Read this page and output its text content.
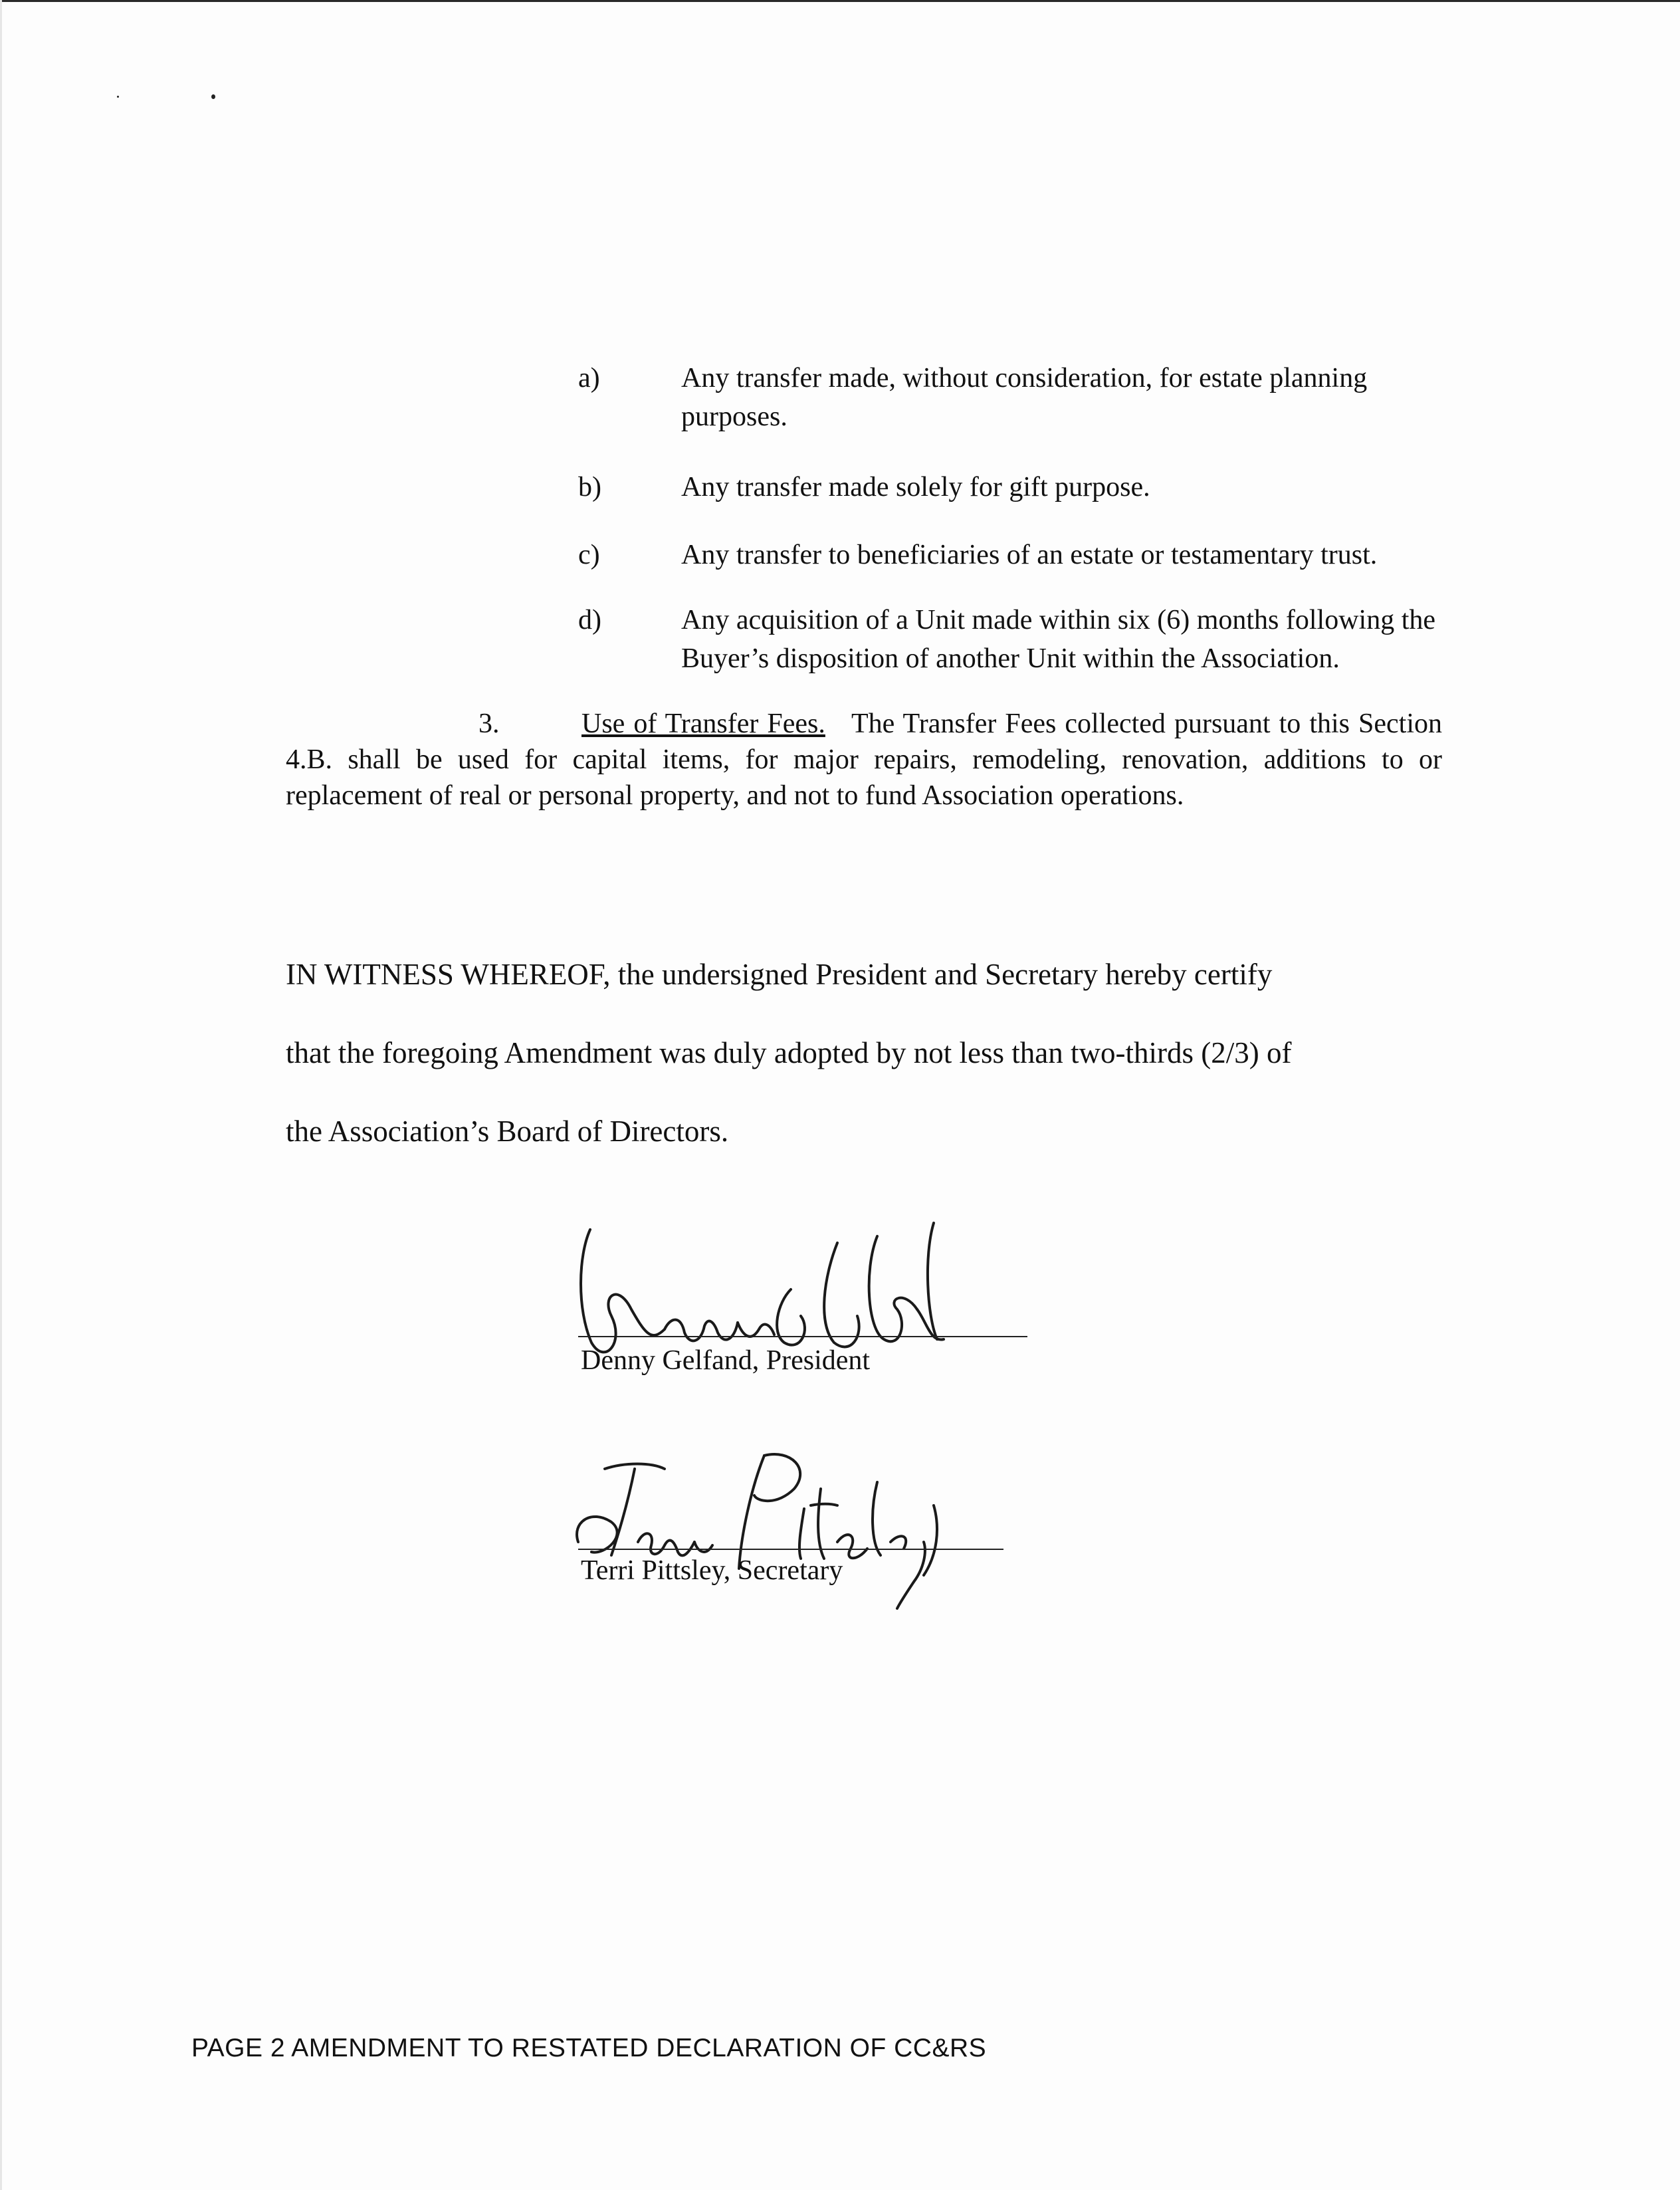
a)	Any transfer made, without consideration, for estate planning purposes.
b)	Any transfer made solely for gift purpose.
c)	Any transfer to beneficiaries of an estate or testamentary trust.
d)	Any acquisition of a Unit made within six (6) months following the Buyer’s disposition of another Unit within the Association.
3.	Use of Transfer Fees. The Transfer Fees collected pursuant to this Section 4.B. shall be used for capital items, for major repairs, remodeling, renovation, additions to or replacement of real or personal property, and not to fund Association operations.
IN WITNESS WHEREOF, the undersigned President and Secretary hereby certify
that the foregoing Amendment was duly adopted by not less than two-thirds (2/3) of
the Association’s Board of Directors.
Denny Gelfand, President
Terri Pittsley, Secretary
PAGE 2 AMENDMENT TO RESTATED DECLARATION OF CC&RS
